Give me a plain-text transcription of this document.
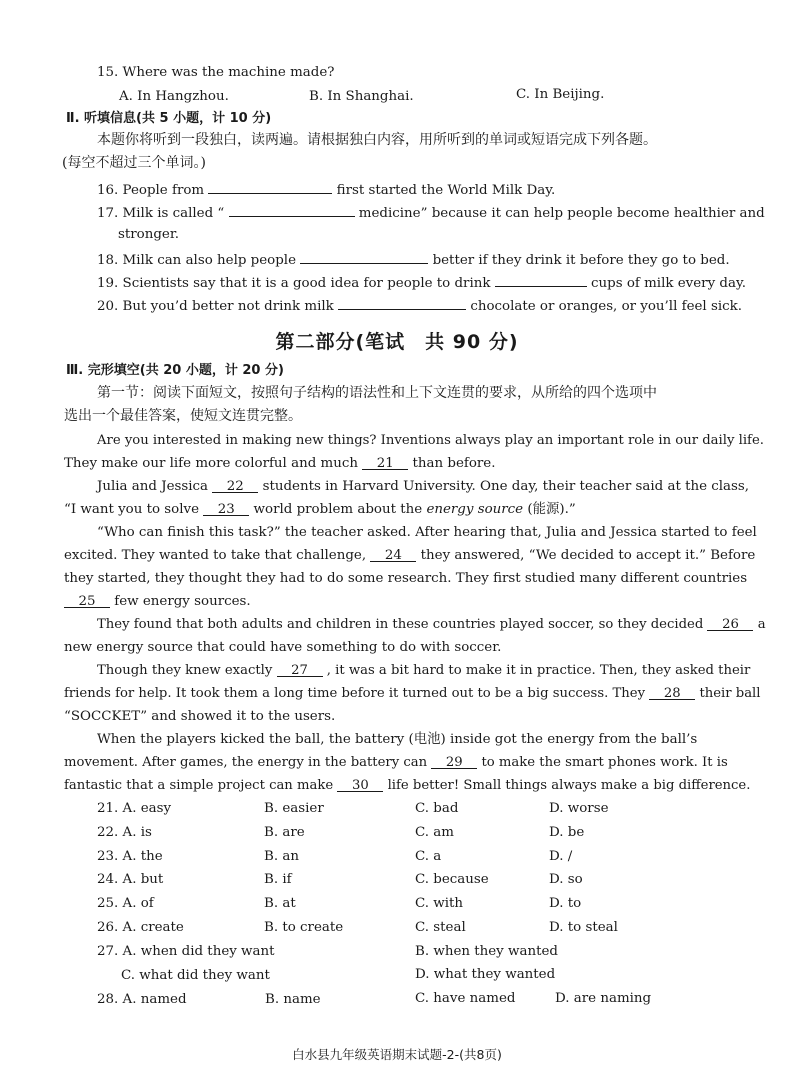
15. Where was the machine made?
A. In Hangzhou.	B. In Shanghai.	C. In Beijing.
Ⅱ. 听填信息(共 5 小题，计 10 分)
本题你将听到一段独白，读两遍。请根据独白内容，用所听到的单词或短语完成下列各题。
(每空不超过三个单词。)
16. People from	first started the World Milk Day.
17. Milk is called “	medicine” because it can help people become healthier and
stronger.
18. Milk can also help people	better if they drink it before they go to bed.
19. Scientists say that it is a good idea for people to drink	cups of milk every day.
20. But you’d better not drink milk	chocolate or oranges, or you’ll feel sick.
第二部分(笔试　共 90 分)
Ⅲ. 完形填空(共 20 小题，计 20 分)
第一节：阅读下面短文，按照句子结构的语法性和上下文连贯的要求，从所给的四个选项中
选出一个最佳答案，使短文连贯完整。
Are you interested in making new things? Inventions always play an important role in our daily life.
They make our life more colorful and much 21 than before.
Julia and Jessica 22 students in Harvard University. One day, their teacher said at the class,
“I want you to solve 23 world problem about the energy source (能源).”
“Who can finish this task?” the teacher asked. After hearing that, Julia and Jessica started to feel
excited. They wanted to take that challenge, 24 they answered, “We decided to accept it.” Before
they started, they thought they had to do some research. They first studied many different countries
25 few energy sources.
They found that both adults and children in these countries played soccer, so they decided 26 a
new energy source that could have something to do with soccer.
Though they knew exactly 27 , it was a bit hard to make it in practice. Then, they asked their
friends for help. It took them a long time before it turned out to be a big success. They 28 their ball
“SOCCKET” and showed it to the users.
When the players kicked the ball, the battery (电池) inside got the energy from the ball’s
movement. After games, the energy in the battery can 29 to make the smart phones work. It is
fantastic that a simple project can make 30 life better! Small things always make a big difference.
21. A. easy	B. easier	C. bad	D. worse
22. A. is	B. are	C. am	D. be
23. A. the	B. an	C. a	D. /
24. A. but	B. if	C. because	D. so
25. A. of	B. at	C. with	D. to
26. A. create	B. to create	C. steal	D. to steal
27. A. when did they want	B. when they wanted
C. what did they want	D. what they wanted
28. A. named	B. name	C. have named	D. are naming
白水县九年级英语期末试题-2-(共8页)
